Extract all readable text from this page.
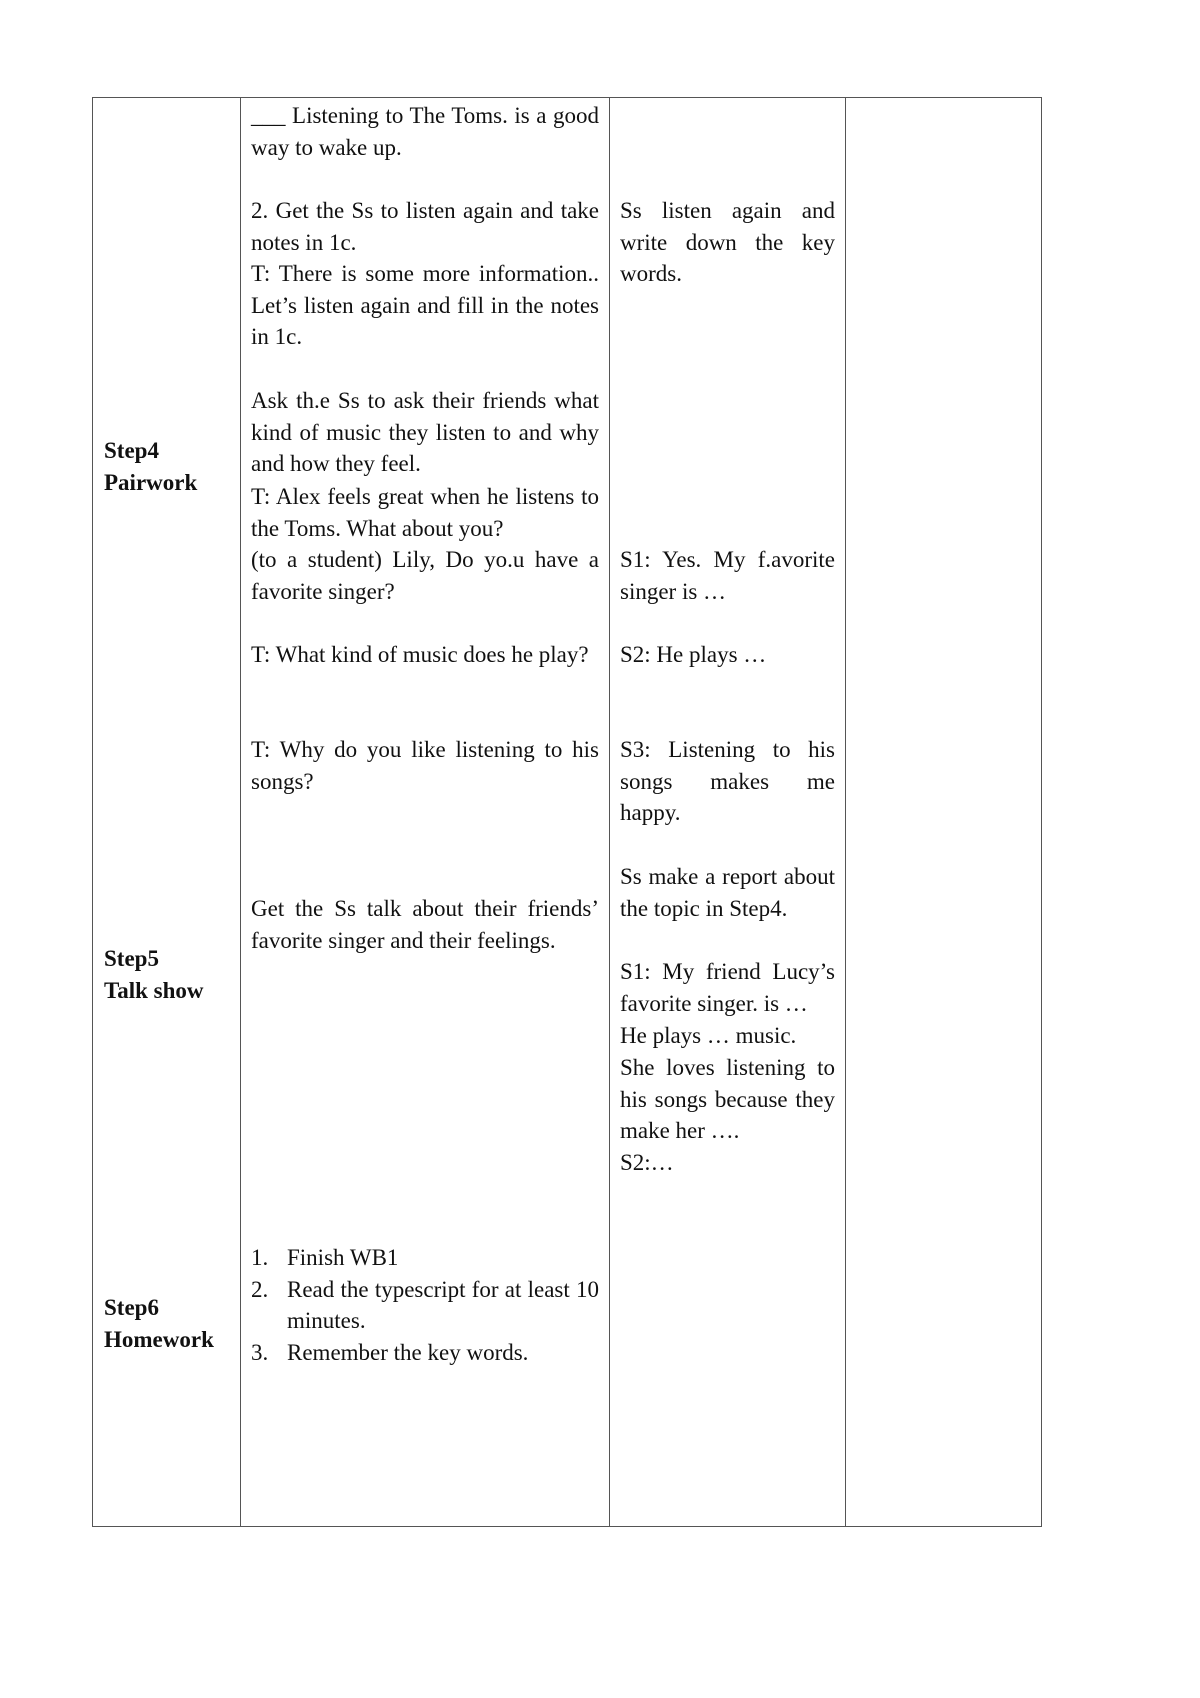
Step4
Pairwork
Step5
Talk show
Step6
Homework

___ Listening to The Toms. is a good way to wake up.

2. Get the Ss to listen again and take notes in 1c.

T: There is some more information.. Let’s listen again and fill in the notes in 1c.

Ask th.e Ss to ask their friends what kind of music they listen to and why and how they feel.

T: Alex feels great when he listens to the Toms. What about you?

(to a student) Lily, Do yo.u have a favorite singer?

T: What kind of music does he play?

T: Why do you like listening to his songs?

Get the Ss talk about their friends’ favorite singer and their feelings.

1. Finish WB1
2. Read the typescript for at least 10 minutes.
3. Remember the key words.

Ss listen again and write down the key words.

S1: Yes. My f.avorite singer is …

S2: He plays …

S3: Listening to his songs makes me happy.

Ss make a report about the topic in Step4.

S1: My friend Lucy’s favorite singer. is …

He plays … music.

She loves listening to his songs because they make her ….

S2:…
